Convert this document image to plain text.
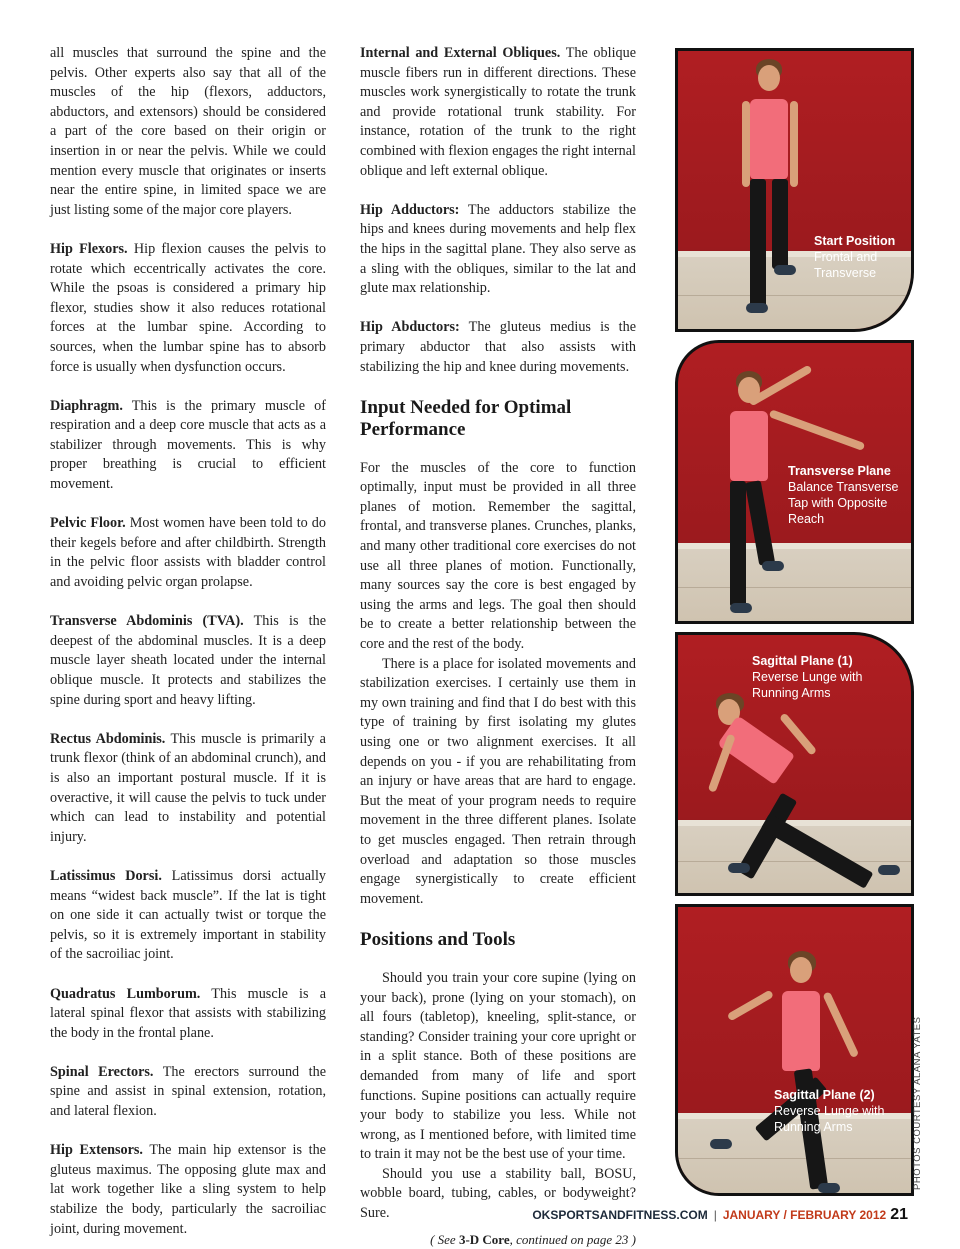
all muscles that surround the spine and the pelvis. Other experts also say that all of the muscles of the hip (flexors, adductors, abductors, and extensors) should be considered a part of the core based on their origin or insertion in or near the pelvis. While we could mention every muscle that originates or inserts near the entire spine, in limited space we are just listing some of the major core players.

Hip Flexors. Hip flexion causes the pelvis to rotate which eccentrically activates the core. While the psoas is considered a primary hip flexor, studies show it also reduces rotational forces at the lumbar spine. According to sources, when the lumbar spine has to absorb force is usually when dysfunction occurs.

Diaphragm. This is the primary muscle of respiration and a deep core muscle that acts as a stabilizer through movements. This is why proper breathing is crucial to efficient movement.

Pelvic Floor. Most women have been told to do their kegels before and after childbirth. Strength in the pelvic floor assists with bladder control and avoiding pelvic organ prolapse.

Transverse Abdominis (TVA). This is the deepest of the abdominal muscles. It is a deep muscle layer sheath located under the internal oblique muscle. It protects and stabilizes the spine during sport and heavy lifting.

Rectus Abdominis. This muscle is primarily a trunk flexor (think of an abdominal crunch), and is also an important postural muscle. If it is overactive, it will cause the pelvis to tuck under which can lead to instability and potential injury.

Latissimus Dorsi. Latissimus dorsi actually means “widest back muscle”. If the lat is tight on one side it can actually twist or torque the pelvis, so it is extremely important in stability of the sacroiliac joint.

Quadratus Lumborum. This muscle is a lateral spinal flexor that assists with stabilizing the body in the frontal plane.

Spinal Erectors. The erectors surround the spine and assist in spinal extension, rotation, and lateral flexion.

Hip Extensors. The main hip extensor is the gluteus maximus. The opposing glute max and lat work together like a sling system to help stabilize the body, particularly the sacroiliac joint, during movement.

Internal and External Obliques. The oblique muscle fibers run in different directions. These muscles work synergistically to rotate the trunk and provide rotational trunk stability. For instance, rotation of the trunk to the right combined with flexion engages the right internal oblique and left external oblique.

Hip Adductors: The adductors stabilize the hips and knees during movements and help flex the hips in the sagittal plane. They also serve as a sling with the obliques, similar to the lat and glute max relationship.

Hip Abductors: The gluteus medius is the primary abductor that also assists with stabilizing the hip and knee during movements.

Input Needed for Optimal Performance

For the muscles of the core to function optimally, input must be provided in all three planes of motion. Remember the sagittal, frontal, and transverse planes. Crunches, planks, and many other traditional core exercises do not use all three planes of motion. Functionally, many sources say the core is best engaged by using the arms and legs. The goal then should be to create a better relationship between the core and the rest of the body.

There is a place for isolated movements and stabilization exercises. I certainly use them in my own training and find that I do best with this type of training by first isolating my glutes using one or two alignment exercises. It all depends on you - if you are rehabilitating from an injury or have areas that are hard to engage. But the meat of your program needs to require movement in the three different planes. Isolate to get muscles engaged. Then retrain through overload and adaptation so those muscles engage synergistically to create efficient movement.

Positions and Tools

Should you train your core supine (lying on your back), prone (lying on your stomach), on all fours (tabletop), kneeling, split-stance, or standing? Consider training your core upright or in a split stance. Both of these positions are demanded from many of life and sport functions. Supine positions can actually require your body to stabilize you less. While not wrong, as I mentioned before, with limited time to train it may not be the best use of your time.

Should you use a stability ball, BOSU, wobble board, tubing, cables, or bodyweight? Sure.

( See 3-D Core, continued on page 23 )
Start Position
Frontal and
Transverse
Transverse Plane
Balance Transverse
Tap with Opposite
Reach
Sagittal Plane (1)
Reverse Lunge with
Running Arms
Sagittal Plane (2)
Reverse Lunge with
Running Arms	PHOTOS COURTESY ALANA YATES
OKSPORTSANDFITNESS.COM | JANUARY / FEBRUARY 2012 21
